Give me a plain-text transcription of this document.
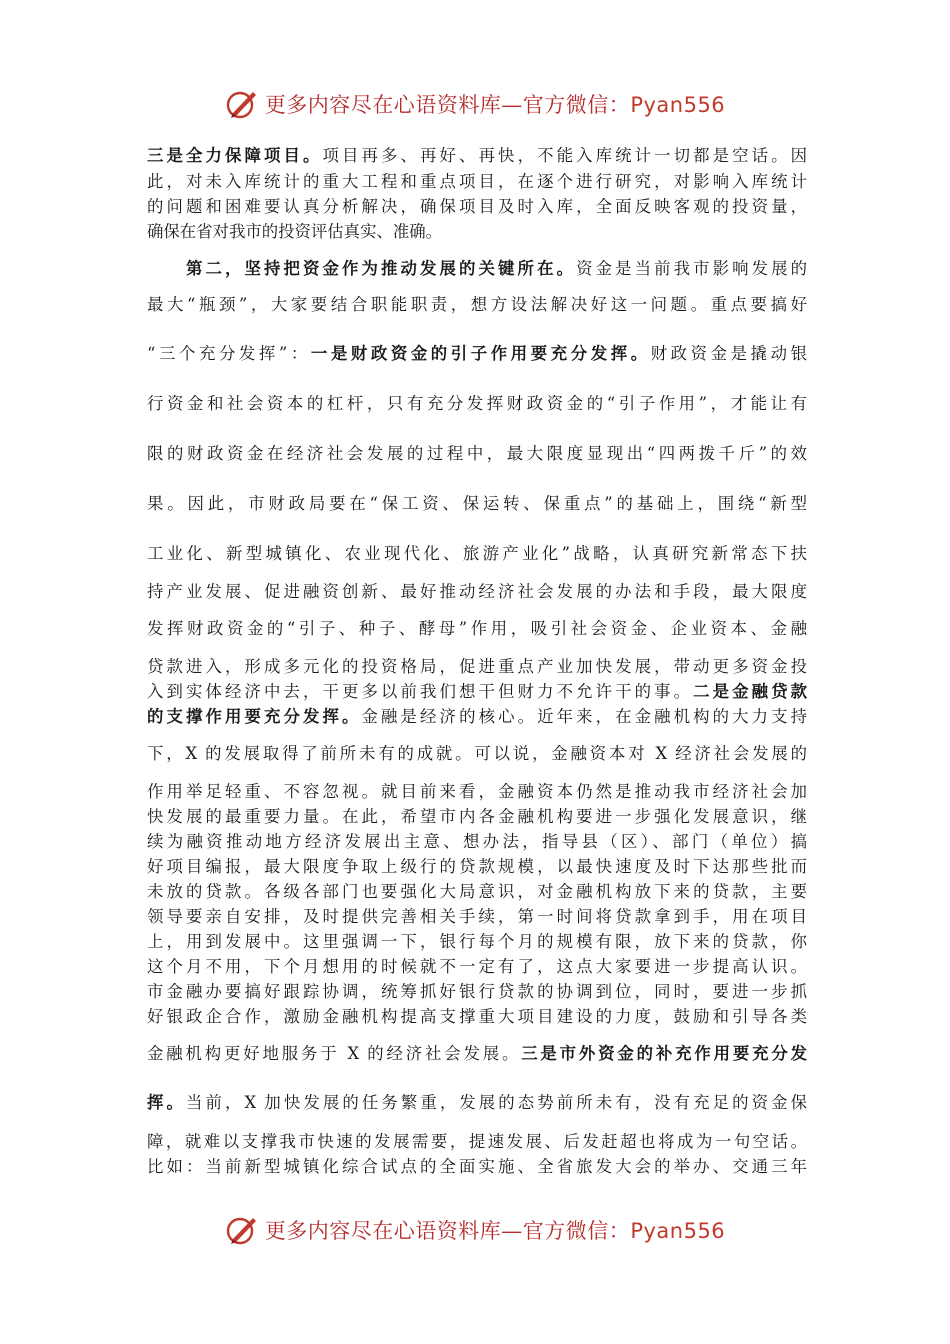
更多内容尽在心语资料库—官方微信：Pyan556
三是全力保障项目。项目再多、再好、再快，不能入库统计一切都是空话。因
此，对未入库统计的重大工程和重点项目，在逐个进行研究，对影响入库统计
的问题和困难要认真分析解决，确保项目及时入库，全面反映客观的投资量，
确保在省对我市的投资评估真实、准确。
　　第二，坚持把资金作为推动发展的关键所在。资金是当前我市影响发展的
最大“瓶颈”，大家要结合职能职责，想方设法解决好这一问题。重点要搞好
“三个充分发挥”：一是财政资金的引子作用要充分发挥。财政资金是撬动银
行资金和社会资本的杠杆，只有充分发挥财政资金的“引子作用”，才能让有
限的财政资金在经济社会发展的过程中，最大限度显现出“四两拨千斤”的效
果。因此，市财政局要在“保工资、保运转、保重点”的基础上，围绕“新型
工业化、新型城镇化、农业现代化、旅游产业化”战略，认真研究新常态下扶
持产业发展、促进融资创新、最好推动经济社会发展的办法和手段，最大限度
发挥财政资金的“引子、种子、酵母”作用，吸引社会资金、企业资本、金融
贷款进入，形成多元化的投资格局，促进重点产业加快发展，带动更多资金投
入到实体经济中去，干更多以前我们想干但财力不允许干的事。二是金融贷款
的支撑作用要充分发挥。金融是经济的核心。近年来，在金融机构的大力支持
下，X 的发展取得了前所未有的成就。可以说，金融资本对 X 经济社会发展的
作用举足轻重、不容忽视。就目前来看，金融资本仍然是推动我市经济社会加
快发展的最重要力量。在此，希望市内各金融机构要进一步强化发展意识，继
续为融资推动地方经济发展出主意、想办法，指导县（区）、部门（单位）搞
好项目编报，最大限度争取上级行的贷款规模，以最快速度及时下达那些批而
未放的贷款。各级各部门也要强化大局意识，对金融机构放下来的贷款，主要
领导要亲自安排，及时提供完善相关手续，第一时间将贷款拿到手，用在项目
上，用到发展中。这里强调一下，银行每个月的规模有限，放下来的贷款，你
这个月不用，下个月想用的时候就不一定有了，这点大家要进一步提高认识。
市金融办要搞好跟踪协调，统筹抓好银行贷款的协调到位，同时，要进一步抓
好银政企合作，激励金融机构提高支撑重大项目建设的力度，鼓励和引导各类
金融机构更好地服务于 X 的经济社会发展。三是市外资金的补充作用要充分发
挥。当前，X 加快发展的任务繁重，发展的态势前所未有，没有充足的资金保
障，就难以支撑我市快速的发展需要，提速发展、后发赶超也将成为一句空话。
比如：当前新型城镇化综合试点的全面实施、全省旅发大会的举办、交通三年
更多内容尽在心语资料库—官方微信：Pyan556
